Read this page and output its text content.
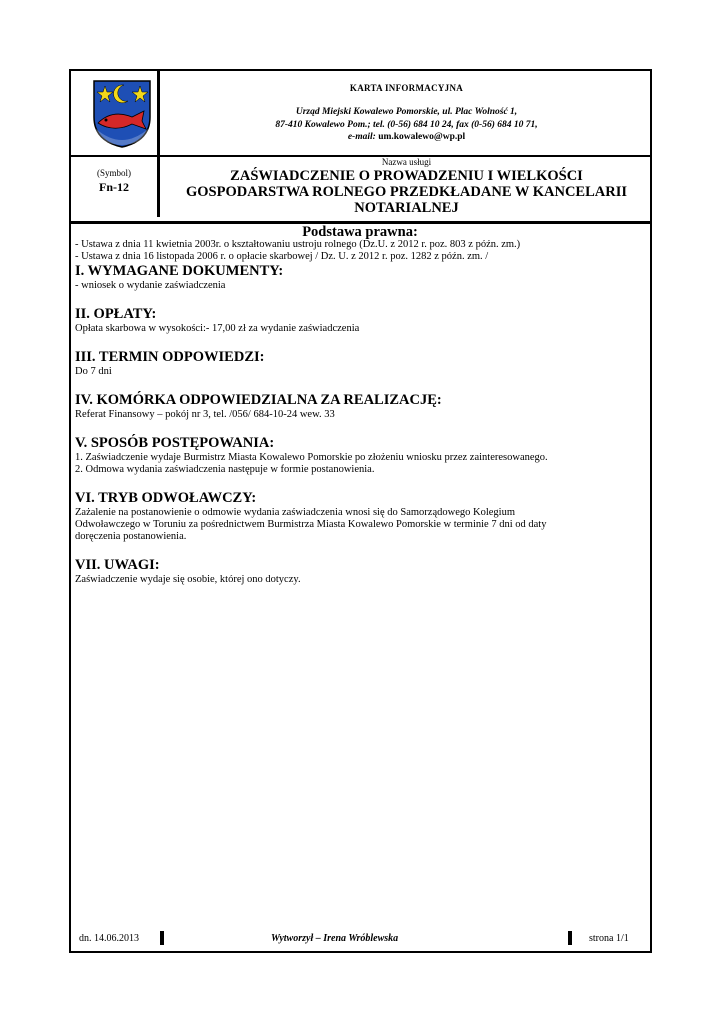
KARTA INFORMACYJNA
Urząd Miejski Kowalewo Pomorskie, ul. Plac Wolność 1,
87-410 Kowalewo Pom.; tel. (0-56) 684 10 24, fax (0-56) 684 10 71,
e-mail: um.kowalewo@wp.pl
(Symbol)
Fn-12
Nazwa usługi
ZAŚWIADCZENIE O PROWADZENIU I WIELKOŚCI
GOSPODARSTWA ROLNEGO PRZEDKŁADANE W KANCELARII
NOTARIALNEJ
Podstawa prawna:

- Ustawa z dnia 11 kwietnia 2003r. o kształtowaniu ustroju rolnego (Dz.U. z 2012 r. poz. 803 z późn. zm.)

- Ustawa z dnia 16 listopada 2006 r. o opłacie skarbowej / Dz. U. z 2012 r. poz. 1282 z późn. zm. /

I. WYMAGANE DOKUMENTY:

- wniosek o wydanie zaświadczenia

II. OPŁATY:

Opłata skarbowa w wysokości:- 17,00 zł za wydanie zaświadczenia

III. TERMIN ODPOWIEDZI:

Do 7 dni

IV. KOMÓRKA ODPOWIEDZIALNA ZA REALIZACJĘ:

Referat Finansowy – pokój nr 3, tel. /056/ 684-10-24 wew. 33

V. SPOSÓB POSTĘPOWANIA:

1. Zaświadczenie wydaje Burmistrz Miasta Kowalewo Pomorskie po złożeniu wniosku przez zainteresowanego.

2. Odmowa wydania zaświadczenia następuje w formie postanowienia.

VI. TRYB ODWOŁAWCZY:

Zażalenie na postanowienie o odmowie wydania zaświadczenia wnosi się do Samorządowego Kolegium

Odwoławczego w Toruniu za pośrednictwem Burmistrza Miasta Kowalewo Pomorskie w terminie 7 dni od daty

doręczenia postanowienia.

VII. UWAGI:

Zaświadczenie wydaje się osobie, której ono dotyczy.

dn. 14.06.2013	Wytworzył – Irena Wróblewska	strona 1/1
